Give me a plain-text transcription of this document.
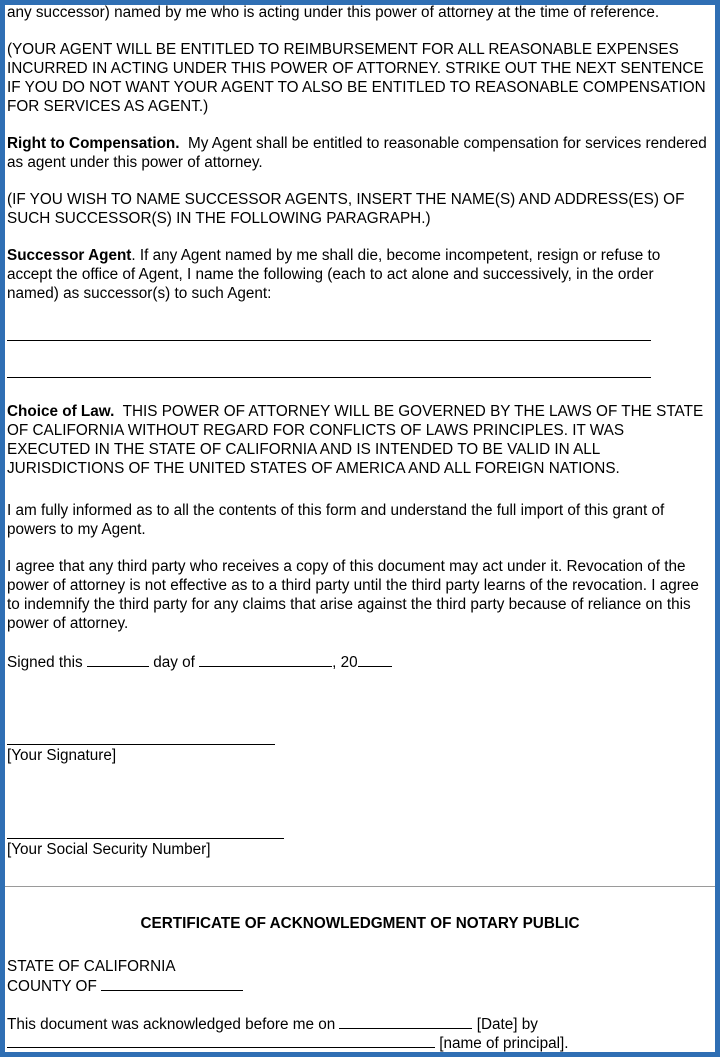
any successor) named by me who is acting under this power of attorney at the time of reference.

(YOUR AGENT WILL BE ENTITLED TO REIMBURSEMENT FOR ALL REASONABLE EXPENSES INCURRED IN ACTING UNDER THIS POWER OF ATTORNEY. STRIKE OUT THE NEXT SENTENCE IF YOU DO NOT WANT YOUR AGENT TO ALSO BE ENTITLED TO REASONABLE COMPENSATION FOR SERVICES AS AGENT.)

Right to Compensation. My Agent shall be entitled to reasonable compensation for services rendered as agent under this power of attorney.

(IF YOU WISH TO NAME SUCCESSOR AGENTS, INSERT THE NAME(S) AND ADDRESS(ES) OF SUCH SUCCESSOR(S) IN THE FOLLOWING PARAGRAPH.)

Successor Agent. If any Agent named by me shall die, become incompetent, resign or refuse to accept the office of Agent, I name the following (each to act alone and successively, in the order named) as successor(s) to such Agent:

Choice of Law. THIS POWER OF ATTORNEY WILL BE GOVERNED BY THE LAWS OF THE STATE OF CALIFORNIA WITHOUT REGARD FOR CONFLICTS OF LAWS PRINCIPLES. IT WAS EXECUTED IN THE STATE OF CALIFORNIA AND IS INTENDED TO BE VALID IN ALL JURISDICTIONS OF THE UNITED STATES OF AMERICA AND ALL FOREIGN NATIONS.

I am fully informed as to all the contents of this form and understand the full import of this grant of powers to my Agent.

I agree that any third party who receives a copy of this document may act under it. Revocation of the power of attorney is not effective as to a third party until the third party learns of the revocation. I agree to indemnify the third party for any claims that arise against the third party because of reliance on this power of attorney.

Signed this	day of	, 20
[Your Signature]
[Your Social Security Number]
CERTIFICATE OF ACKNOWLEDGMENT OF NOTARY PUBLIC
STATE OF CALIFORNIA
COUNTY OF
This document was acknowledged before me on	[Date] by
[name of principal].
